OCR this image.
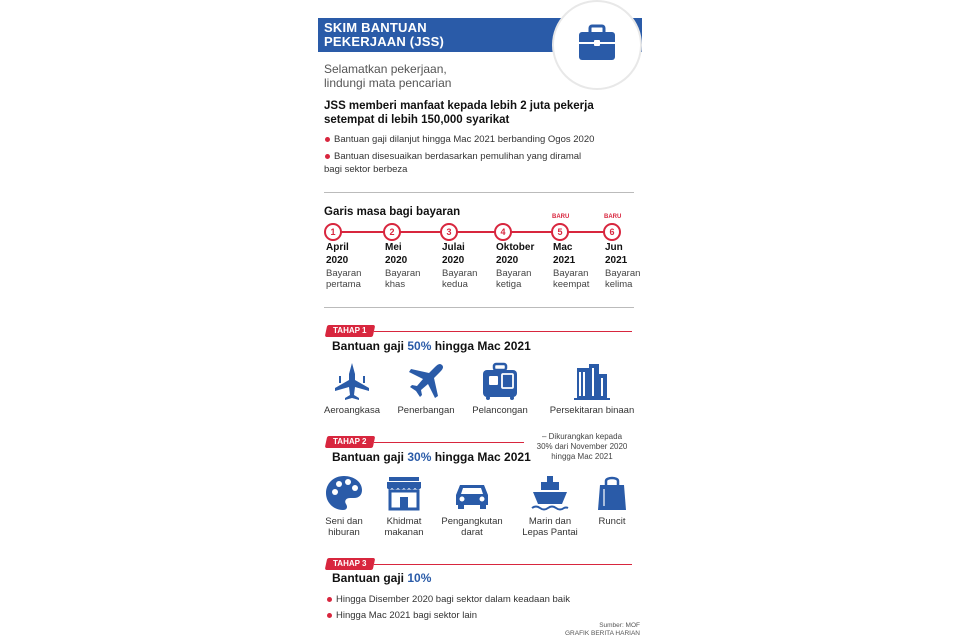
SKIM BANTUAN
PEKERJAAN (JSS)
Selamatkan pekerjaan,
lindungi mata pencarian
JSS memberi manfaat kepada lebih 2 juta pekerja
setempat di lebih 150,000 syarikat
Bantuan gaji dilanjut hingga Mac 2021 berbanding Ogos 2020
Bantuan disesuaikan berdasarkan pemulihan yang diramal
bagi sektor berbeza
Garis masa bagi bayaran
1
April
2020
Bayaran
pertama
2
Mei
2020
Bayaran
khas
3
Julai
2020
Bayaran
kedua
4
Oktober
2020
Bayaran
ketiga
BARU
5
Mac
2021
Bayaran
keempat
BARU
6
Jun
2021
Bayaran
kelima
TAHAP 1
Bantuan gaji 50% hingga Mac 2021
Aeroangkasa	Penerbangan	Pelancongan	Persekitaran binaan
– Dikurangkan kepada
30% dari November 2020
hingga Mac 2021
TAHAP 2
Bantuan gaji 30% hingga Mac 2021
Seni dan
hiburan
Khidmat
makanan
Pengangkutan
darat
Marin dan
Lepas Pantai
Runcit
TAHAP 3
Bantuan gaji 10%
Hingga Disember 2020 bagi sektor dalam keadaan baik
Hingga Mac 2021 bagi sektor lain
Sumber: MOF
GRAFIK BERITA HARIAN
